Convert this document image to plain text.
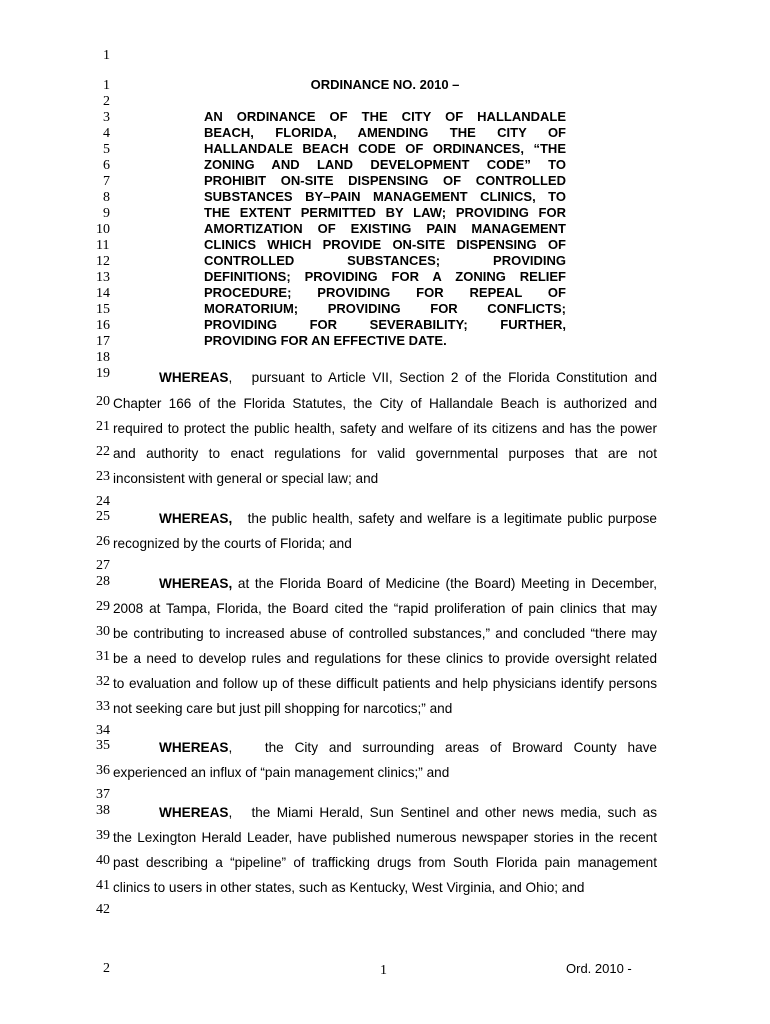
1
1	ORDINANCE NO. 2010 –
2
3	AN ORDINANCE OF THE CITY OF HALLANDALE
4	BEACH, FLORIDA, AMENDING THE CITY OF
5	HALLANDALE BEACH CODE OF ORDINANCES, “THE
6	ZONING AND LAND DEVELOPMENT CODE” TO
7	PROHIBIT ON-SITE DISPENSING OF CONTROLLED
8	SUBSTANCES BY–PAIN MANAGEMENT CLINICS, TO
9	THE EXTENT PERMITTED BY LAW; PROVIDING FOR
10	AMORTIZATION OF EXISTING PAIN MANAGEMENT
11	CLINICS WHICH PROVIDE ON-SITE DISPENSING OF
12	CONTROLLED SUBSTANCES; PROVIDING
13	DEFINITIONS; PROVIDING FOR A ZONING RELIEF
14	PROCEDURE; PROVIDING FOR REPEAL OF
15	MORATORIUM; PROVIDING FOR CONFLICTS;
16	PROVIDING FOR SEVERABILITY; FURTHER,
17	PROVIDING FOR AN EFFECTIVE DATE.
18
19	WHEREAS,   pursuant to Article VII, Section 2 of the Florida Constitution and
20 Chapter 166 of the Florida Statutes, the City of Hallandale Beach is authorized and
21 required to protect the public health, safety and welfare of its citizens and has the power
22 and authority to enact regulations for valid governmental purposes that are not
23 inconsistent with general or special law; and
24
25	WHEREAS, the public health, safety and welfare is a legitimate public purpose
26 recognized by the courts of Florida; and
27
28	WHEREAS, at the Florida Board of Medicine (the Board) Meeting in December,
29 2008 at Tampa, Florida, the Board cited the “rapid proliferation of pain clinics that may
30 be contributing to increased abuse of controlled substances,” and concluded “there may
31 be a need to develop rules and regulations for these clinics to provide oversight related
32 to evaluation and follow up of these difficult patients and help physicians identify persons
33 not seeking care but just pill shopping for narcotics;” and
34
35	WHEREAS,   the City and surrounding areas of Broward County have
36 experienced an influx of “pain management clinics;” and
37
38	WHEREAS,   the Miami Herald, Sun Sentinel and other news media, such as
39 the Lexington Herald Leader, have published numerous newspaper stories in the recent
40 past describing a “pipeline” of trafficking drugs from South Florida pain management
41 clinics to users in other states, such as Kentucky, West Virginia, and Ohio; and
42
2	1	Ord. 2010 -
